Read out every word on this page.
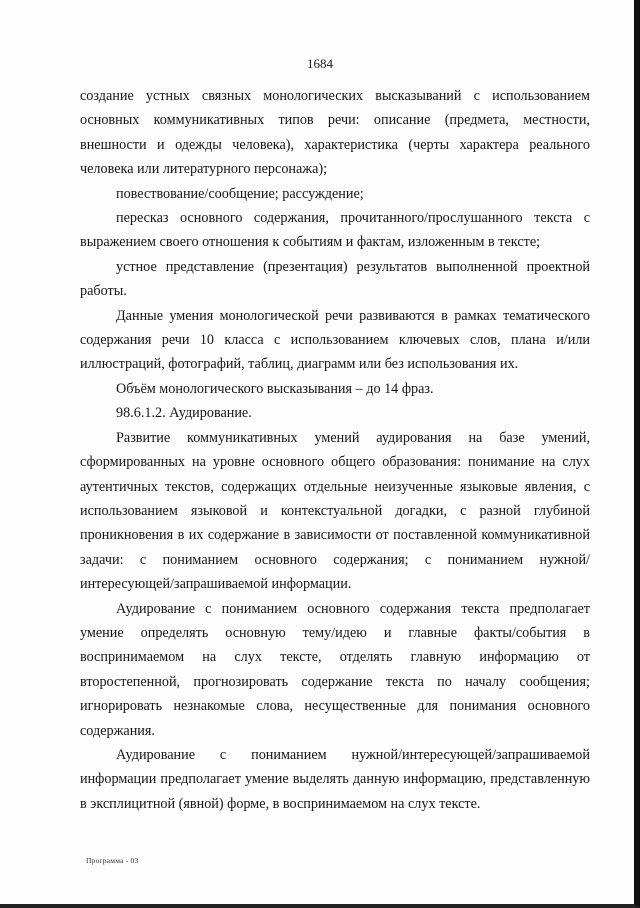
1684

создание устных связных монологических высказываний с использованием основных коммуникативных типов речи: описание (предмета, местности, внешности и одежды человека), характеристика (черты характера реального человека или литературного персонажа);

повествование/сообщение; рассуждение;

пересказ основного содержания, прочитанного/прослушанного текста с выражением своего отношения к событиям и фактам, изложенным в тексте;

устное представление (презентация) результатов выполненной проектной работы.

Данные умения монологической речи развиваются в рамках тематического содержания речи 10 класса с использованием ключевых слов, плана и/или иллюстраций, фотографий, таблиц, диаграмм или без использования их.

Объём монологического высказывания – до 14 фраз.

98.6.1.2. Аудирование.

Развитие коммуникативных умений аудирования на базе умений, сформированных на уровне основного общего образования: понимание на слух аутентичных текстов, содержащих отдельные неизученные языковые явления, с использованием языковой и контекстуальной догадки, с разной глубиной проникновения в их содержание в зависимости от поставленной коммуникативной задачи: с пониманием основного содержания; с пониманием нужной/интересующей/запрашиваемой информации.

Аудирование с пониманием основного содержания текста предполагает умение определять основную тему/идею и главные факты/события в воспринимаемом на слух тексте, отделять главную информацию от второстепенной, прогнозировать содержание текста по началу сообщения; игнорировать незнакомые слова, несущественные для понимания основного содержания.

Аудирование с пониманием нужной/интересующей/запрашиваемой информации предполагает умение выделять данную информацию, представленную в эксплицитной (явной) форме, в воспринимаемом на слух тексте.

Программа - 03
